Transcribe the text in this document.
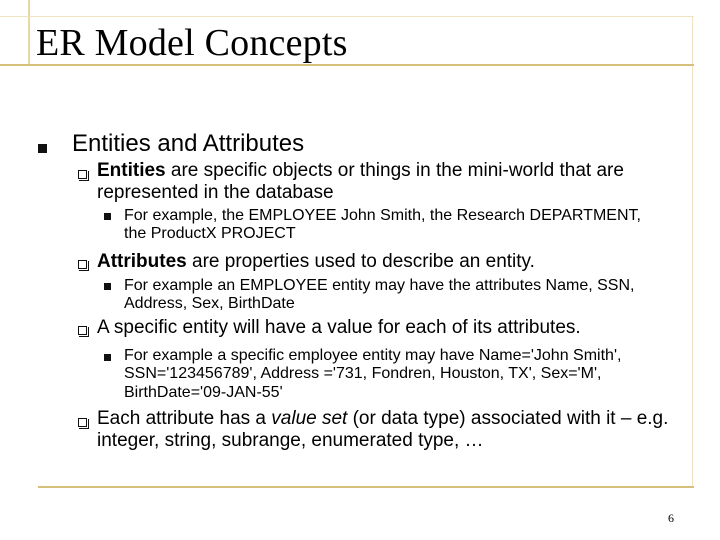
ER Model Concepts
Entities and Attributes
Entities are specific objects or things in the mini-world that are represented in the database
For example, the EMPLOYEE John Smith, the Research DEPARTMENT, the ProductX PROJECT
Attributes are properties used to describe an entity.
For example an EMPLOYEE entity may have the attributes Name, SSN, Address, Sex, BirthDate
A specific entity will have a value for each of its attributes.
For example a specific employee entity may have Name='John Smith', SSN='123456789', Address ='731, Fondren, Houston, TX', Sex='M', BirthDate='09-JAN-55'
Each attribute has a value set (or data type) associated with it – e.g. integer, string, subrange, enumerated type, …
6
